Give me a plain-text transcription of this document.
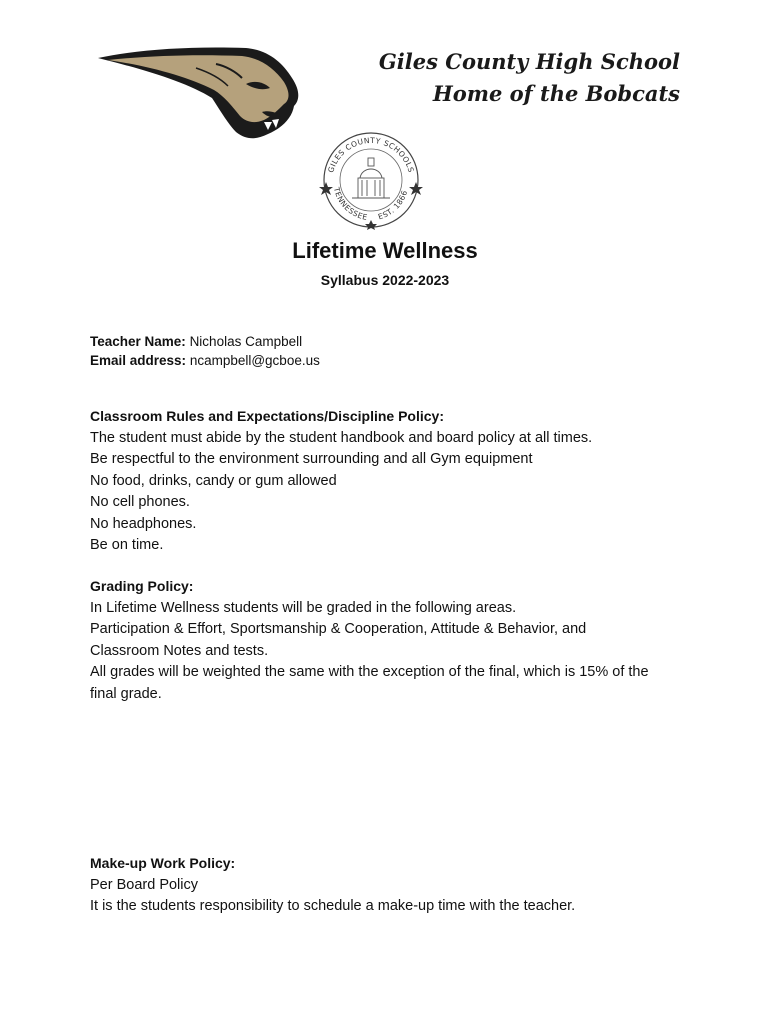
Giles County High School
Home of the Bobcats
GILES COUNTY SCHOOLS
TENNESSEE EST. 1866
Lifetime Wellness
Syllabus 2022-2023
Teacher Name: Nicholas Campbell
Email address: ncampbell@gcboe.us
Classroom Rules and Expectations/Discipline Policy:
The student must abide by the student handbook and board policy at all times.
Be respectful to the environment surrounding and all Gym equipment
No food, drinks, candy or gum allowed
No cell phones.
No headphones.
Be on time.
Grading Policy:
In Lifetime Wellness students will be graded in the following areas.
Participation & Effort, Sportsmanship & Cooperation, Attitude & Behavior, and
Classroom Notes and tests.
All grades will be weighted the same with the exception of the final, which is 15% of the
final grade.
Make-up Work Policy:
Per Board Policy
It is the students responsibility to schedule a make-up time with the teacher.
